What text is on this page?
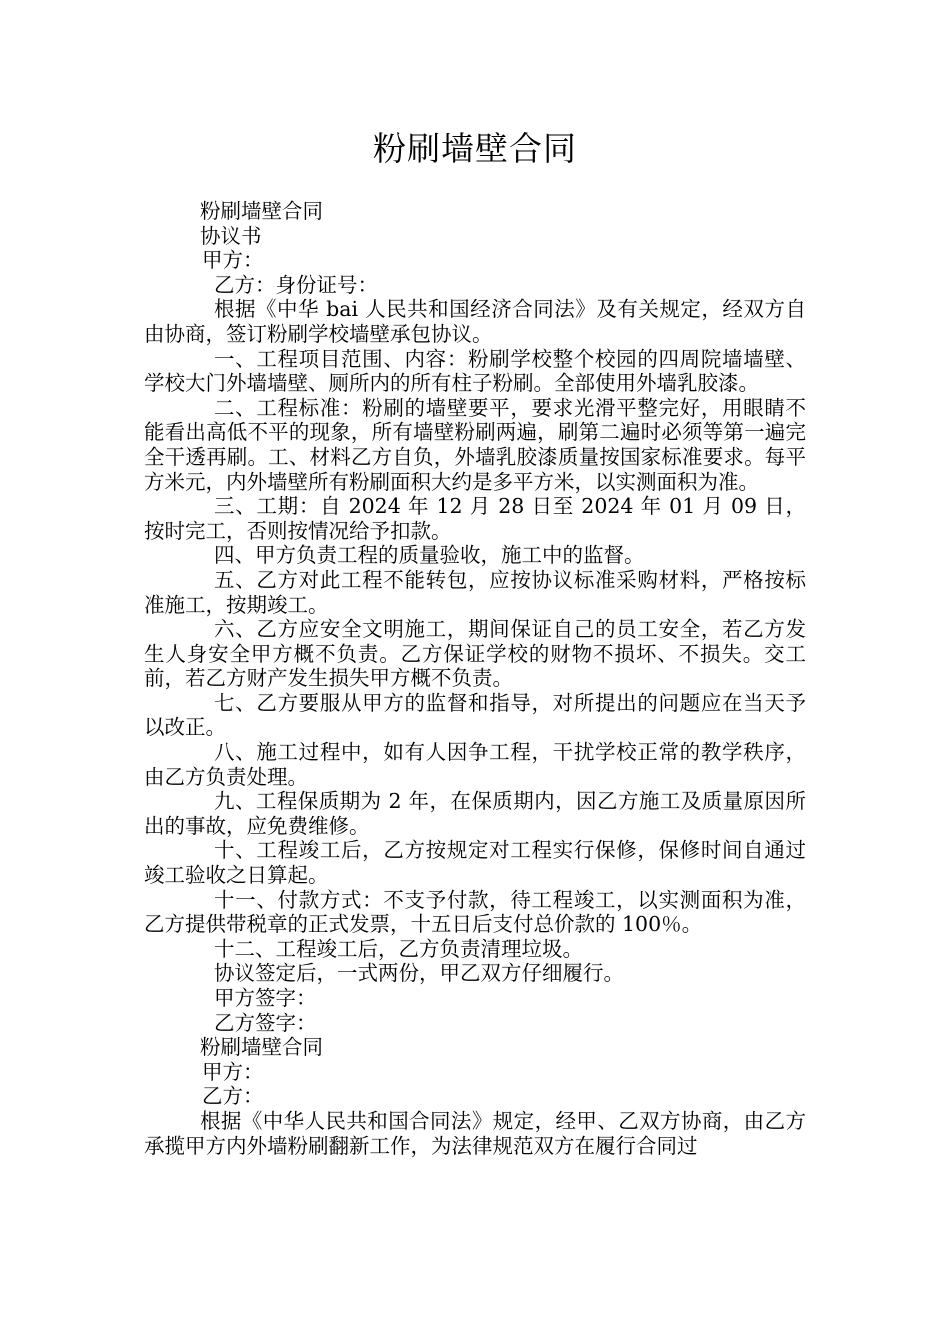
粉刷墙壁合同

粉刷墙壁合同

协议书

甲方：

乙方：身份证号：

根据《中华 bai 人民共和国经济合同法》及有关规定，经双方自由协商，签订粉刷学校墙壁承包协议。

一、工程项目范围、内容：粉刷学校整个校园的四周院墙墙壁、学校大门外墙墙壁、厕所内的所有柱子粉刷。全部使用外墙乳胶漆。

二、工程标准：粉刷的墙壁要平，要求光滑平整完好，用眼睛不能看出高低不平的现象，所有墙壁粉刷两遍，刷第二遍时必须等第一遍完全干透再刷。工、材料乙方自负，外墙乳胶漆质量按国家标准要求。每平方米元，内外墙壁所有粉刷面积大约是多平方米，以实测面积为准。

三、工期：自 2024 年 12 月 28 日至 2024 年 01 月 09 日，按时完工，否则按情况给予扣款。

四、甲方负责工程的质量验收，施工中的监督。

五、乙方对此工程不能转包，应按协议标准采购材料，严格按标准施工，按期竣工。

六、乙方应安全文明施工，期间保证自己的员工安全，若乙方发生人身安全甲方概不负责。乙方保证学校的财物不损坏、不损失。交工前，若乙方财产发生损失甲方概不负责。

七、乙方要服从甲方的监督和指导，对所提出的问题应在当天予以改正。

八、施工过程中，如有人因争工程，干扰学校正常的教学秩序，由乙方负责处理。

九、工程保质期为 2 年，在保质期内，因乙方施工及质量原因所出的事故，应免费维修。

十、工程竣工后，乙方按规定对工程实行保修，保修时间自通过竣工验收之日算起。

十一、付款方式：不支予付款，待工程竣工，以实测面积为准，乙方提供带税章的正式发票，十五日后支付总价款的 100％。

十二、工程竣工后，乙方负责清理垃圾。

协议签定后，一式两份，甲乙双方仔细履行。

甲方签字：

乙方签字：

粉刷墙壁合同

甲方：

乙方：

根据《中华人民共和国合同法》规定，经甲、乙双方协商，由乙方承揽甲方内外墙粉刷翻新工作，为法律规范双方在履行合同过
